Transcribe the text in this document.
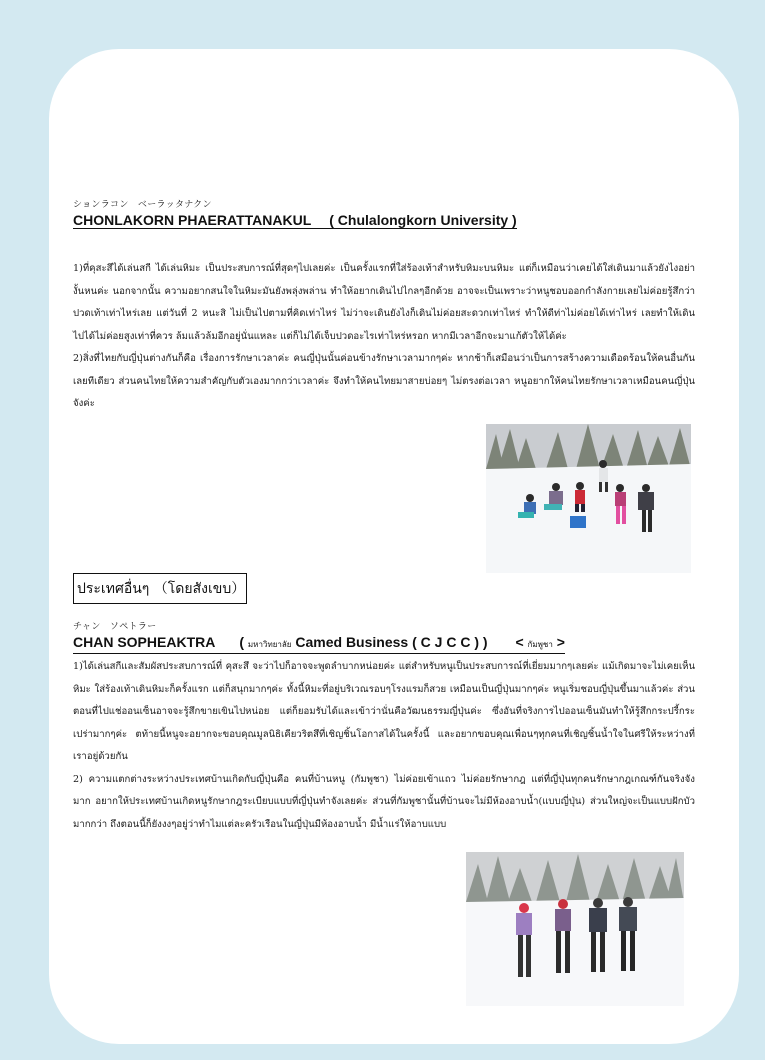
ションラコン　ベーラッタナクン
CHONLAKORN PHAERATTANAKUL ( Chulalongkorn University )

1)ที่คุสะสึได้เล่นสกี ได้เล่นหิมะ เป็นประสบการณ์ที่สุดๆไปเลยค่ะ เป็นครั้งแรกที่ใส่ร้องเท้าสำหรับหิมะบนหิมะ แต่ก็เหมือนว่าเคยได้ใส่เดินมาแล้วยังไงอย่างั้นหนค่ะ นอกจากนั้น ความอยากสนใจในหิมะมันยังพลุ่งพล่าน ทำให้อยากเดินไปไกลๆอีกด้วย อาจจะเป็นเพราะว่าหนูชอบออกกำลังกายเลยไม่ค่อยรู้สึกว่าปวดเท้าเท่าไหร่เลย แต่วันที่ 2 หนะสิ ไม่เป็นไปตามที่คิดเท่าไหร่ ไม่ว่าจะเดินยังไงก็เดินไม่ค่อยสะดวกเท่าไหร่ ทำให้ดีท่าไม่ค่อยได้เท่าไหร่ เลยทำให้เดินไปได้ไม่ค่อยสูงเท่าที่ควร ล้มแล้วล้มอีกอยู่นั่นแหละ แต่ก็ไม่ได้เจ็บปวดอะไรเท่าไหร่หรอก หากมีเวลาอีกจะมาแก้ตัวให้ได้ค่ะ

2)สิ่งที่ไทยกับญี่ปุ่นต่างกันก็คือ เรื่องการรักษาเวลาค่ะ คนญี่ปุ่นนั้นค่อนข้างรักษาเวลามากๆค่ะ หากช้าก็เสมือนว่าเป็นการสร้างความเดือดร้อนให้คนอื่นกันเลยทีเดียว ส่วนคนไทยให้ความสำคัญกับตัวเองมากกว่าเวลาค่ะ จึงทำให้คนไทยมาสายบ่อยๆ ไม่ตรงต่อเวลา หนูอยากให้คนไทยรักษาเวลาเหมือนคนญี่ปุ่นจังค่ะ

ประเทศอื่นๆ （โดยสังเขบ）
チャン　ソペトラー
CHAN SOPHEAKTRA ( มหาวิทยาลัย Camed Business ( C J C C ) ) < กัมพูชา >

1)ได้เล่นสกีและสัมผัสประสบการณ์ที่ คุสะสึ จะว่าไปก็อาจจะพูดลำบากหน่อยค่ะ แต่สำหรับหนูเป็นประสบการณ์ที่เยี่ยมมากๆเลยค่ะ แม้เกิดมาจะไม่เคยเห็นหิมะ ใส่ร้องเท้าเดินหิมะก็ครั้งแรก แต่ก็สนุกมากๆค่ะ ทั้งนี้หิมะที่อยู่บริเวณรอบๆโรงแรมก็สวย เหมือนเป็นญี่ปุ่นมากๆค่ะ หนูเริ่มชอบญี่ปุ่นขึ้นมาแล้วค่ะ ส่วนตอนที่ไปแช่ออนเซ็นอาจจะรู้สึกขายเขินไปหน่อย แต่ก็ยอมรับได้และเข้าว่านั่นคือวัฒนธรรมญี่ปุ่นค่ะ ซึ่งอันที่จริงการไปออนเซ็นมันทำให้รู้สึกกระปรี้กระเปร่ามากๆค่ะ ตท้ายนี้หนูจะอยากจะขอบคุณมูลนิธิเคียวริตสึที่เชิญชิ้นโอกาสได้ในครั้งนี้ และอยากขอบคุณเพื่อนๆทุกคนที่เชิญชิ้นน้ำใจในศรีให้ระหว่างที่เราอยู่ด้วยกัน

2) ความแตกต่างระหว่างประเทศบ้านเกิดกับญี่ปุ่นคือ คนที่บ้านหนู (กัมพูชา) ไม่ค่อยเข้าแถว ไม่ค่อยรักษากฎ แต่ที่ญี่ปุ่นทุกคนรักษากฎเกณฑ์กันจริงจังมาก อยากให้ประเทศบ้านเกิดหนูรักษากฎระเบียบแบบที่ญี่ปุ่นทำจังเลยค่ะ ส่วนที่กัมพูชานั้นที่บ้านจะไม่มีห้องอาบน้ำ(แบบญี่ปุ่น) ส่วนใหญ่จะเป็นแบบฝักบัวมากกว่า ถึงตอนนี้ก็ยังงงๆอยู่ว่าทำไมแต่ละครัวเรือนในญี่ปุ่นมีห้องอาบน้ำ มีน้ำแร่ให้อาบแบบ
